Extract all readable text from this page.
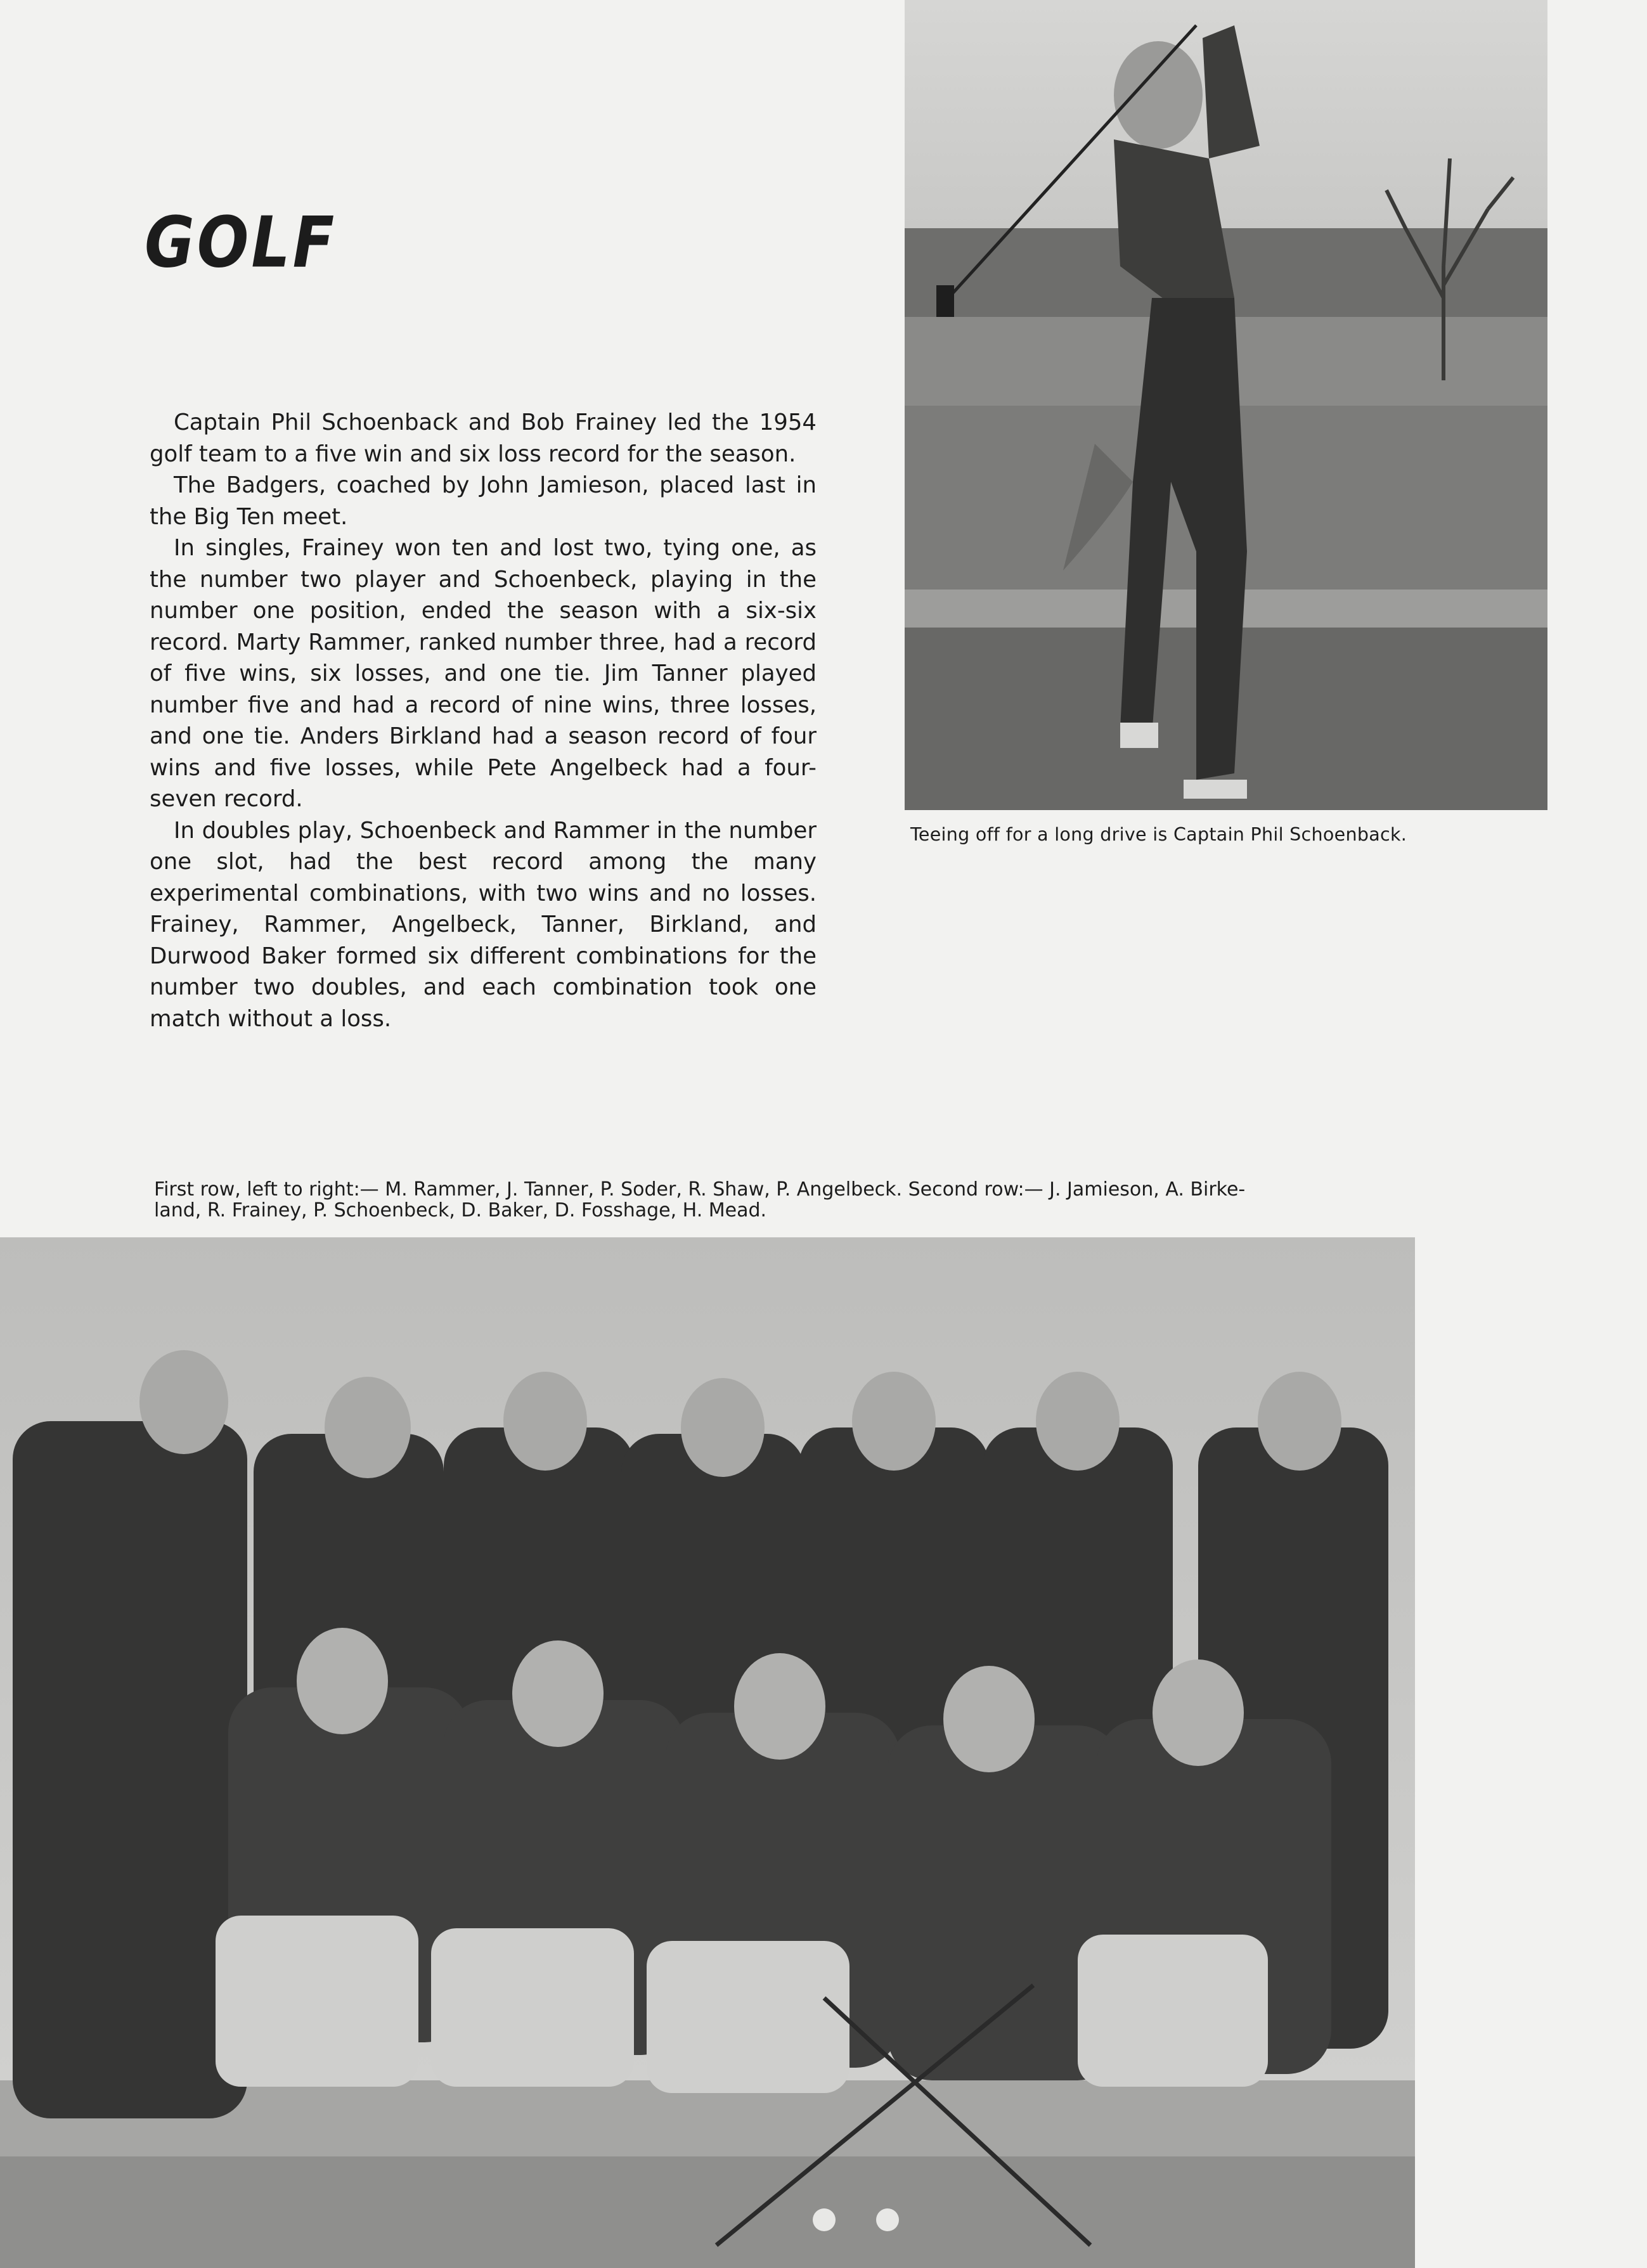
GOLF

Captain Phil Schoenback and Bob Frainey led the 1954 golf team to a five win and six loss record for the season.

The Badgers, coached by John Jamieson, placed last in the Big Ten meet.

In singles, Frainey won ten and lost two, tying one, as the number two player and Schoenbeck, playing in the number one position, ended the season with a six-six record. Marty Rammer, ranked number three, had a record of five wins, six losses, and one tie. Jim Tanner played number five and had a record of nine wins, three losses, and one tie. Anders Birkland had a season record of four wins and five losses, while Pete Angelbeck had a four-seven record.

In doubles play, Schoenbeck and Rammer in the number one slot, had the best record among the many experimental combinations, with two wins and no losses. Frainey, Rammer, Angelbeck, Tanner, Birkland, and Durwood Baker formed six different combinations for the number two doubles, and each combination took one match without a loss.

Teeing off for a long drive is Captain Phil Schoenback.
First row, left to right:— M. Rammer, J. Tanner, P. Soder, R. Shaw, P. Angelbeck. Second row:— J. Jamieson, A. Birke-
land, R. Frainey, P. Schoenbeck, D. Baker, D. Fosshage, H. Mead.
